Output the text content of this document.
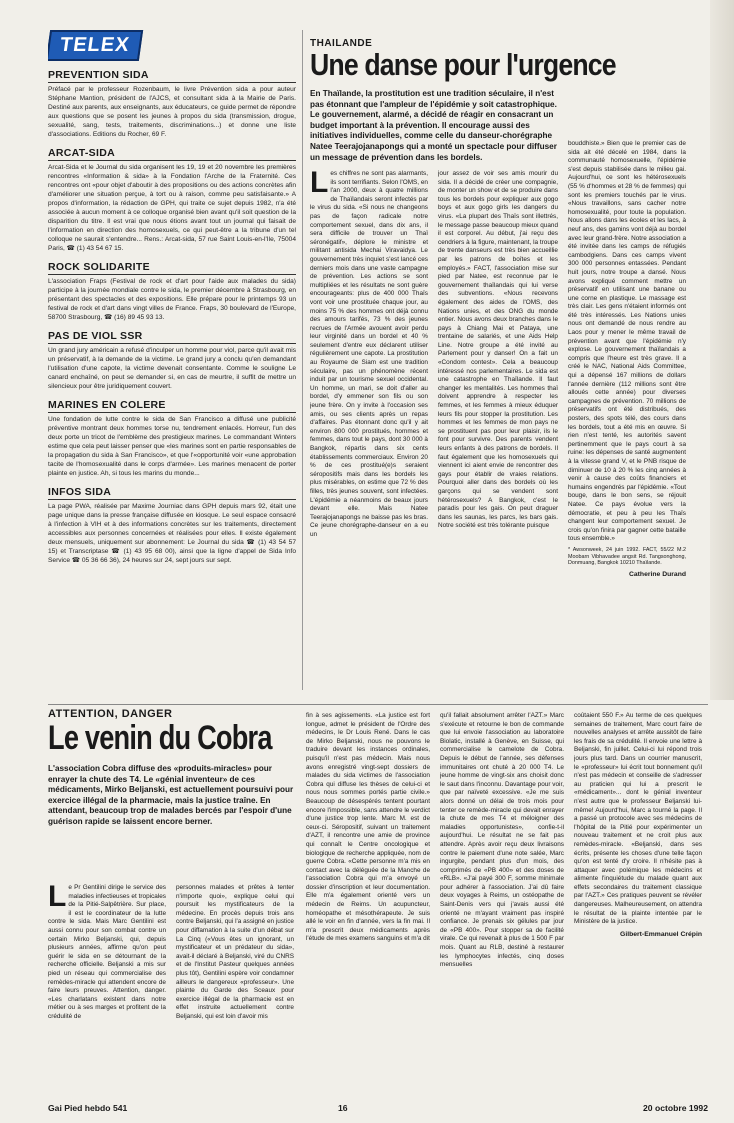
TELEX
PREVENTION SIDA
Préfacé par le professeur Rozenbaum, le livre Prévention sida a pour auteur Stéphane Mantion, président de l'AJCS, et consultant sida à la Mairie de Paris. Destiné aux parents, aux enseignants, aux éducateurs, ce guide permet de répondre aux questions que se posent les jeunes à propos du sida (transmission, drogue, sexualité, sang, tests, traitements, discriminations...) et donne une liste d'associations. Editions du Rocher, 69 F.
ARCAT-SIDA
Arcat-Sida et le Journal du sida organisent les 19, 19 et 20 novembre les premières rencontres «Information & sida» à la Fondation l'Arche de la Fraternité. Ces rencontres ont «pour objet d'aboutir à des propositions ou des actions concrètes afin d'améliorer une situation perçue, à tort ou à raison, comme peu satisfaisante.» A propos d'information, la rédaction de GPH, qui traite ce sujet depuis 1982, n'a été associée à aucun moment à ce colloque organisé bien avant qu'il soit question de la disparition du titre. Il est vrai que nous étions avant tout un journal qui faisait de l'information en direction des homosexuels, ce qui peut-être a la tribune d'un tel colloque ne saurait s'entendre... Rens.: Arcat-sida, 57 rue Saint Louis-en-l'Ile, 75004 Paris, ☎ (1) 43 54 67 15.
ROCK SOLIDARITE
L'association Fraps (Festival de rock et d'art pour l'aide aux malades du sida) participe à la journée mondiale contre le sida, le premier décembre à Strasbourg, en présentant des spectacles et des expositions. Elle prépare pour le printemps 93 un festival de rock et d'art dans vingt villes de France. Fraps, 30 boulevard de l'Europe, 58700 Strasbourg, ☎ (16) 89 45 93 13.
PAS DE VIOL SSR
Un grand jury américain a refusé d'inculper un homme pour viol, parce qu'il avait mis un préservatif, à la demande de la victime. Le grand jury a conclu qu'en demandant l'utilisation d'une capote, la victime devenait consentante. Comme le souligne Le canard enchaîné, on peut se demander si, en cas de meurtre, il suffit de mettre un silencieux pour être juridiquement couvert.
MARINES EN COLERE
Une fondation de lutte contre le sida de San Francisco a diffusé une publicité préventive montrant deux hommes torse nu, tendrement enlacés. Horreur, l'un des deux porte un tricot de l'emblème des prestigieux marines. Le commandant Winters estime que cela peut laisser penser que «les marines sont en partie responsables de la propagation du sida à San Francisco», et que l'«opportunité voir «une approbation tacite de l'homosexualité dans le corps d'armée». Les marines menacent de porter plainte en justice. Ah, si tous les marins du monde...
INFOS SIDA
La page PWA, réalisée par Maxime Journiac dans GPH depuis mars 92, était une page unique dans la presse française diffusée en kiosque. Le seul espace consacré à l'infection à VIH et à des informations concrètes sur les traitements, directement accessibles aux personnes concernées et réalisées pour elles. Il existe également deux mensuels, uniquement sur abonnement: Le Journal du sida ☎ (1) 43 54 57 15) et Transcriptase ☎ (1) 43 95 68 00), ainsi que la ligne d'appel de Sida Info Service ☎ 05 36 66 36), 24 heures sur 24, sept jours sur sept.
THAILANDE
Une danse pour l'urgence
En Thaïlande, la prostitution est une tradition séculaire, il n'est pas étonnant que l'ampleur de l'épidémie y soit catastrophique. Le gouvernement, alarmé, a décidé de réagir en consacrant un budget important à la prévention. Il encourage aussi des initiatives individuelles, comme celle du danseur-chorégraphe Natee Teerajojanapongs qui a monté un spectacle pour diffuser un message de prévention dans les bordels.
Les chiffres ne sont pas alarmants, ils sont terrifiants. Selon l'OMS, en l'an 2000, deux à quatre millions de Thaïlandais seront infectés par le virus du sida. «Si nous ne changeons pas de façon radicale notre comportement sexuel, dans dix ans, il sera difficile de trouver un Thaï séronégatif», déplore le ministre et militant antisida Mechai Viravaidya. Le gouvernement très inquiet s'est lancé ces derniers mois dans une vaste campagne de prévention. Les actions se sont multipliées et les résultats ne sont guère encourageants: plus de 400 000 Thaïs vont voir une prostituée chaque jour, au moins 75 % des hommes ont déjà connu des amours tarifés, 73 % des jeunes recrues de l'Armée avouent avoir perdu leur virginité dans un bordel et 40 % seulement d'entre eux déclarent utiliser régulièrement une capote. La prostitution au Royaume de Siam est une tradition séculaire, pas un phénomène récent induit par un tourisme sexuel occidental. Un homme, un mari, se doit d'aller au bordel, d'y emmener son fils ou son jeune frère. On y invite à l'occasion ses amis, ou ses clients après un repas d'affaires. Pas étonnant donc qu'il y ait environ 800 000 prostitués, hommes et femmes, dans tout le pays, dont 30 000 à Bangkok, répartis dans six cents établissements commerciaux. Environ 20 % de ces prostitué(e)s seraient séropositifs mais dans les bordels les plus misérables, on estime que 72 % des filles, très jeunes souvent, sont infectées. L'épidémie a néanmoins de beaux jours devant elle. Mais Natee Teerajojanapongs ne baisse pas les bras. Ce jeune chorégraphe-danseur en a eu un
jour assez de voir ses amis mourir du sida. Il a décidé de créer une compagnie, de monter un show et de se produire dans tous les bordels pour expliquer aux gogo boys et aux gogo girls les dangers du virus. «La plupart des Thaïs sont illettrés, le message passe beaucoup mieux quand il est corporel. Au début, j'ai reçu des cendriers à la figure, maintenant, la troupe de trente danseurs est très bien accueillie par les patrons de boîtes et les employés.» FACT, l'association mise sur pied par Natee, est reconnue par le gouvernement thaïlandais qui lui verse des subventions. «Nous recevons également des aides de l'OMS, des Nations unies, et des ONG du monde entier. Nous avons deux branches dans le pays à Chiang Mai et Pataya, une trentaine de salariés, et une Aids Help Line. Notre groupe a été invité au Parlement pour y danser! On a fait un «Condom contest». Cela a beaucoup intéressé nos parlementaires. Le sida est une catastrophe en Thaïlande. Il faut changer les mentalités. Les hommes thaï doivent apprendre à respecter les femmes, et les femmes à mieux éduquer leurs fils pour stopper la prostitution. Les hommes et les femmes de mon pays ne se prostituent pas pour leur plaisir, ils le font pour survivre. Des parents vendent leurs enfants à des patrons de bordels. Il faut également que les homosexuels qui viennent ici aient envie de rencontrer des gays pour établir de vraies relations. Pourquoi aller dans des bordels où les garçons qui se vendent sont hétérosexuels? A Bangkok, c'est le paradis pour les gais. On peut draguer dans les saunas, les parcs, les bars gais. Notre société est très tolérante puisque
bouddhiste.» Bien que le premier cas de sida ait été décelé en 1984, dans la communauté homosexuelle, l'épidémie s'est depuis stabilisée dans le milieu gai. Aujourd'hui, ce sont les hétérosexuels (55 % d'hommes et 28 % de femmes) qui sont les premiers touchés par le virus. «Nous travaillons, sans cacher notre homosexualité, pour toute la population. Nous allons dans les écoles et les lacs, à neuf ans, des gamins vont déjà au bordel avec leur grand-frère. Notre association a été invitée dans les camps de réfugiés cambodgiens. Dans ces camps vivent 300 000 personnes entassées. Pendant huit jours, notre troupe a dansé. Nous avons expliqué comment mettre un préservatif en utilisant une banane ou une corne en plastique. Le massage est très clair. Les gens n'étaient informés ont été très intéressés. Les Nations unies nous ont demandé de nous rendre au Laos pour y mener le même travail de prévention avant que l'épidémie n'y explose. Le gouvernement thaïlandais a compris que l'heure est très grave. Il a créé le NAC, National Aids Committee, qui a dépensé 167 millions de dollars l'année dernière (112 millions sont être alloués cette année) pour diverses campagnes de prévention. 70 millions de préservatifs ont été distribués, des posters, des spots télé, des cours dans les bordels, tout a été mis en œuvre. Si rien n'est tenté, les autorités savent pertinemment que le pays court à sa ruine: les dépenses de santé augmentent à la vitesse grand V, et le PNB risque de diminuer de 10 à 20 % les cinq années à venir à cause des coûts financiers et humains engendrés par l'épidémie. «Tout bouge, dans le bon sens, se réjouit Natee. Ce pays évolue vers la démocratie, et peu à peu les Thaïs changent leur comportement sexuel. Je crois qu'on finira par gagner cette bataille tous ensemble.»
* Awsonweek, 24 juin 1992. FACT, 55/22 M.2 Moobarn Vibhavadee angsit Rd. Tangsonghong, Donmuang, Bangkok 10210 Thaïlande.
Catherine Durand
ATTENTION, DANGER
Le venin du Cobra
L'association Cobra diffuse des «produits-miracles» pour enrayer la chute des T4. Le «génial inventeur» de ces médicaments, Mirko Beljanski, est actuellement poursuivi pour exercice illégal de la pharmacie, mais la justice traîne. En attendant, beaucoup trop de malades bercés par l'espoir d'une guérison rapide se laissent encore berner.
Le Pr Gentilini dirige le service des maladies infectieuses et tropicales de la Pitié-Salpêtrière. Sur place, il est le coordinateur de la lutte contre le sida. Mais Marc Gentilini est aussi connu pour son combat contre un certain Mirko Beljanski, qui, depuis plusieurs années, affirme qu'on peut guérir le sida en se détournant de la recherche officielle. Beljanski a mis sur pied un réseau qui commercialise des remèdes-miracle qui attendent encore de faire leurs preuves. Attention, danger. «Les charlatans existent dans notre métier ou à ses marges et profitent de la crédulité de
personnes malades et prêtes à tenter n'importe quoi», explique celui qui poursuit les mystificateurs de la médecine. En procès depuis trois ans contre Beljanski, qui l'a assigné en justice pour diffamation à la suite d'un débat sur La Cinq («Vous êtes un ignorant, un mystificateur et un prédateur du sida», avait-il déclaré à Beljanski, viré du CNRS et de l'Institut Pasteur quelques années plus tôt), Gentilini espère voir condamner ailleurs le dangereux «professeur». Une plainte du Garde des Sceaux pour exercice illégal de la pharmacie est en effet instruite actuellement contre Beljanski, qui est loin d'avoir mis
fin à ses agissements. «La justice est fort longue, admet le président de l'Ordre des médecins, le Dr Louis René. Dans le cas de Mirko Beljanski, nous ne pouvons le traduire devant les instances ordinales, puisqu'il n'est pas médecin. Mais nous avons enregistré vingt-sept dossiers de malades du sida victimes de l'association Cobra qui diffuse les thèses de celui-ci et nous nous sommes portés partie civile.» Beaucoup de désespérés tentent pourtant encore l'impossible, sans attendre le verdict d'une justice trop lente. Marc M. est de ceux-ci. Séropositif, suivant un traitement d'AZT, il rencontre une amie de province qui connaît le Centre oncologique et biologique de recherche appliquée, nom de guerre Cobra. «Cette personne m'a mis en contact avec la déléguée de la Manche de l'association Cobra qui m'a envoyé un dossier d'inscription et leur documentation. Elle m'a également orienté vers un médecin de Reims. Un acupuncteur, homéopathe et mésothérapeute. Je suis allé le voir en fin d'année, vers la fin mai. Il m'a prescrit deux médicaments après l'étude de mes examens sanguins et m'a dit
qu'il fallait absolument arrêter l'AZT.» Marc s'exécute et retourne le bon de commande que lui envoie l'association au laboratoire Biolatic, installé à Genève, en Suisse, qui commercialise le camelote de Cobra. Depuis le début de l'année, ses défenses immunitaires ont chuté à 20 000 T4. Le jeune homme de vingt-six ans choisit donc le saut dans l'inconnu. Davantage pour voir, que par naïveté excessive. «Je me suis alors donné un délai de trois mois pour tenter ce remède-miracle qui devait enrayer la chute de mes T4 et méloigner des maladies opportunistes», confie-t-il aujourd'hui. Le résultat ne se fait pas attendre. Après avoir reçu deux livraisons contre le paiement d'une note salée, Marc ingurgite, pendant plus d'un mois, des comprimés de «PB 400» et des doses de «RLB». «J'ai payé 300 F, somme minimale pour adhérer à l'association. J'ai dû faire deux voyages à Reims, un ostéopathe de Saint-Denis vers qui j'avais aussi été orienté ne m'ayant vraiment pas inspiré confiance. Je prenais six gélules par jour de «PB 400». Pour stopper sa de facilité virale. Ce qui revenait à plus de 1 500 F par mois. Quant au RLB, destiné à restaurer les lymphocytes infectés, cinq doses mensuelles
coûtaient 550 F.» Au terme de ces quelques semaines de traitement, Marc court faire de nouvelles analyses et arrête aussitôt de faire les frais de sa crédulité. Il envoie une lettre à Beljanski, fin juillet. Celui-ci lui répond trois jours plus tard. Dans un courrier manuscrit, le «professeur» lui écrit tout bonnement qu'il n'est pas médecin et conseille de s'adresser au praticien qui lui a prescrit le «médicament»... dont le génial inventeur n'est autre que le professeur Beljanski lui-même! Aujourd'hui, Marc a tourné la page. Il a passé un protocole avec ses médecins de l'hôpital de la Pitié pour expérimenter un nouveau traitement et ne croit plus aux remèdes-miracle. «Beljanski, dans ses écrits, présente les choses d'une telle façon qu'on est tenté d'y croire. Il n'hésite pas à attaquer avec polémique les médecins et alimente l'inquiétude du malade quant aux effets secondaires du traitement classique par l'AZT.» Ces pratiques peuvent se révéler dangereuses. Malheureusement, on attendra le résultat de la plainte intentée par le Ministère de la justice.
Gilbert-Emmanuel Crépin
Gai Pied hebdo 541	16	20 octobre 1992
